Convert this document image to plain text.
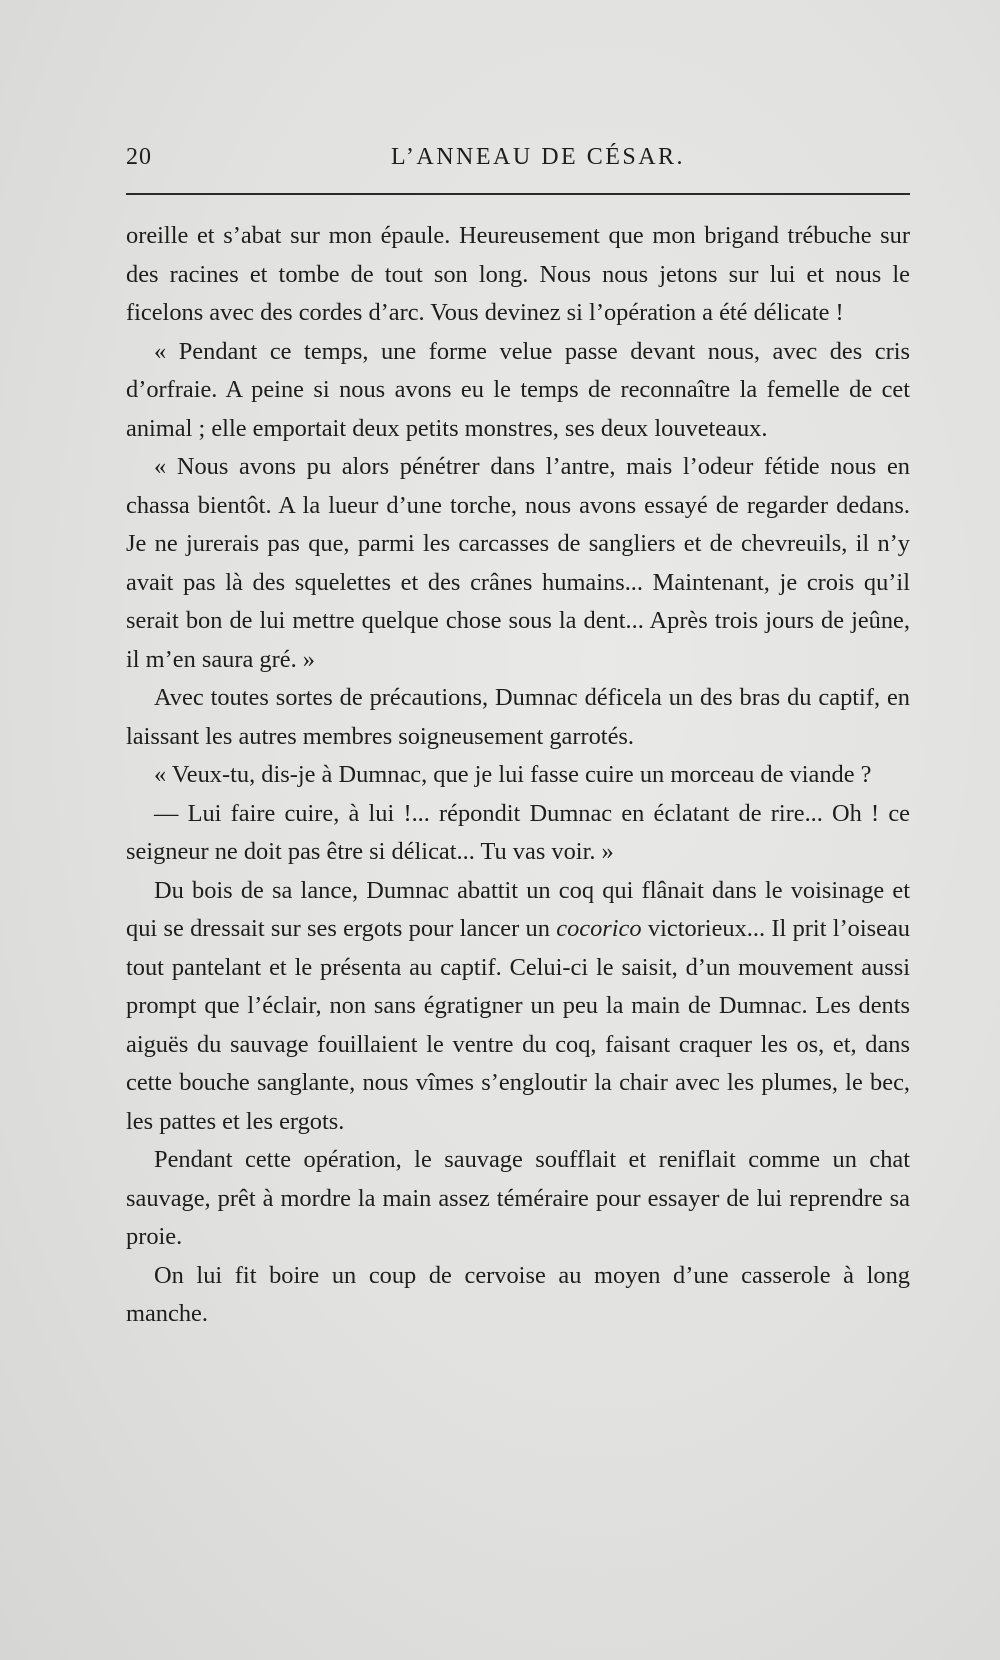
20	L’ANNEAU DE CÉSAR.

oreille et s’abat sur mon épaule. Heureusement que mon brigand trébuche sur des racines et tombe de tout son long. Nous nous jetons sur lui et nous le ficelons avec des cordes d’arc. Vous devinez si l’opération a été délicate !

« Pendant ce temps, une forme velue passe devant nous, avec des cris d’orfraie. A peine si nous avons eu le temps de reconnaître la femelle de cet animal ; elle emportait deux petits monstres, ses deux louveteaux.

« Nous avons pu alors pénétrer dans l’antre, mais l’odeur fétide nous en chassa bientôt. A la lueur d’une torche, nous avons essayé de regarder dedans. Je ne jurerais pas que, parmi les carcasses de sangliers et de chevreuils, il n’y avait pas là des squelettes et des crânes humains... Maintenant, je crois qu’il serait bon de lui mettre quelque chose sous la dent... Après trois jours de jeûne, il m’en saura gré. »

Avec toutes sortes de précautions, Dumnac déficela un des bras du captif, en laissant les autres membres soigneusement garrotés.

« Veux-tu, dis-je à Dumnac, que je lui fasse cuire un morceau de viande ?

— Lui faire cuire, à lui !... répondit Dumnac en éclatant de rire... Oh ! ce seigneur ne doit pas être si délicat... Tu vas voir. »

Du bois de sa lance, Dumnac abattit un coq qui flânait dans le voisinage et qui se dressait sur ses ergots pour lancer un cocorico victorieux... Il prit l’oiseau tout pantelant et le présenta au captif. Celui-ci le saisit, d’un mouvement aussi prompt que l’éclair, non sans égratigner un peu la main de Dumnac. Les dents aiguës du sauvage fouillaient le ventre du coq, faisant craquer les os, et, dans cette bouche sanglante, nous vîmes s’engloutir la chair avec les plumes, le bec, les pattes et les ergots.

Pendant cette opération, le sauvage soufflait et reniflait comme un chat sauvage, prêt à mordre la main assez téméraire pour essayer de lui reprendre sa proie.

On lui fit boire un coup de cervoise au moyen d’une casserole à long manche.
